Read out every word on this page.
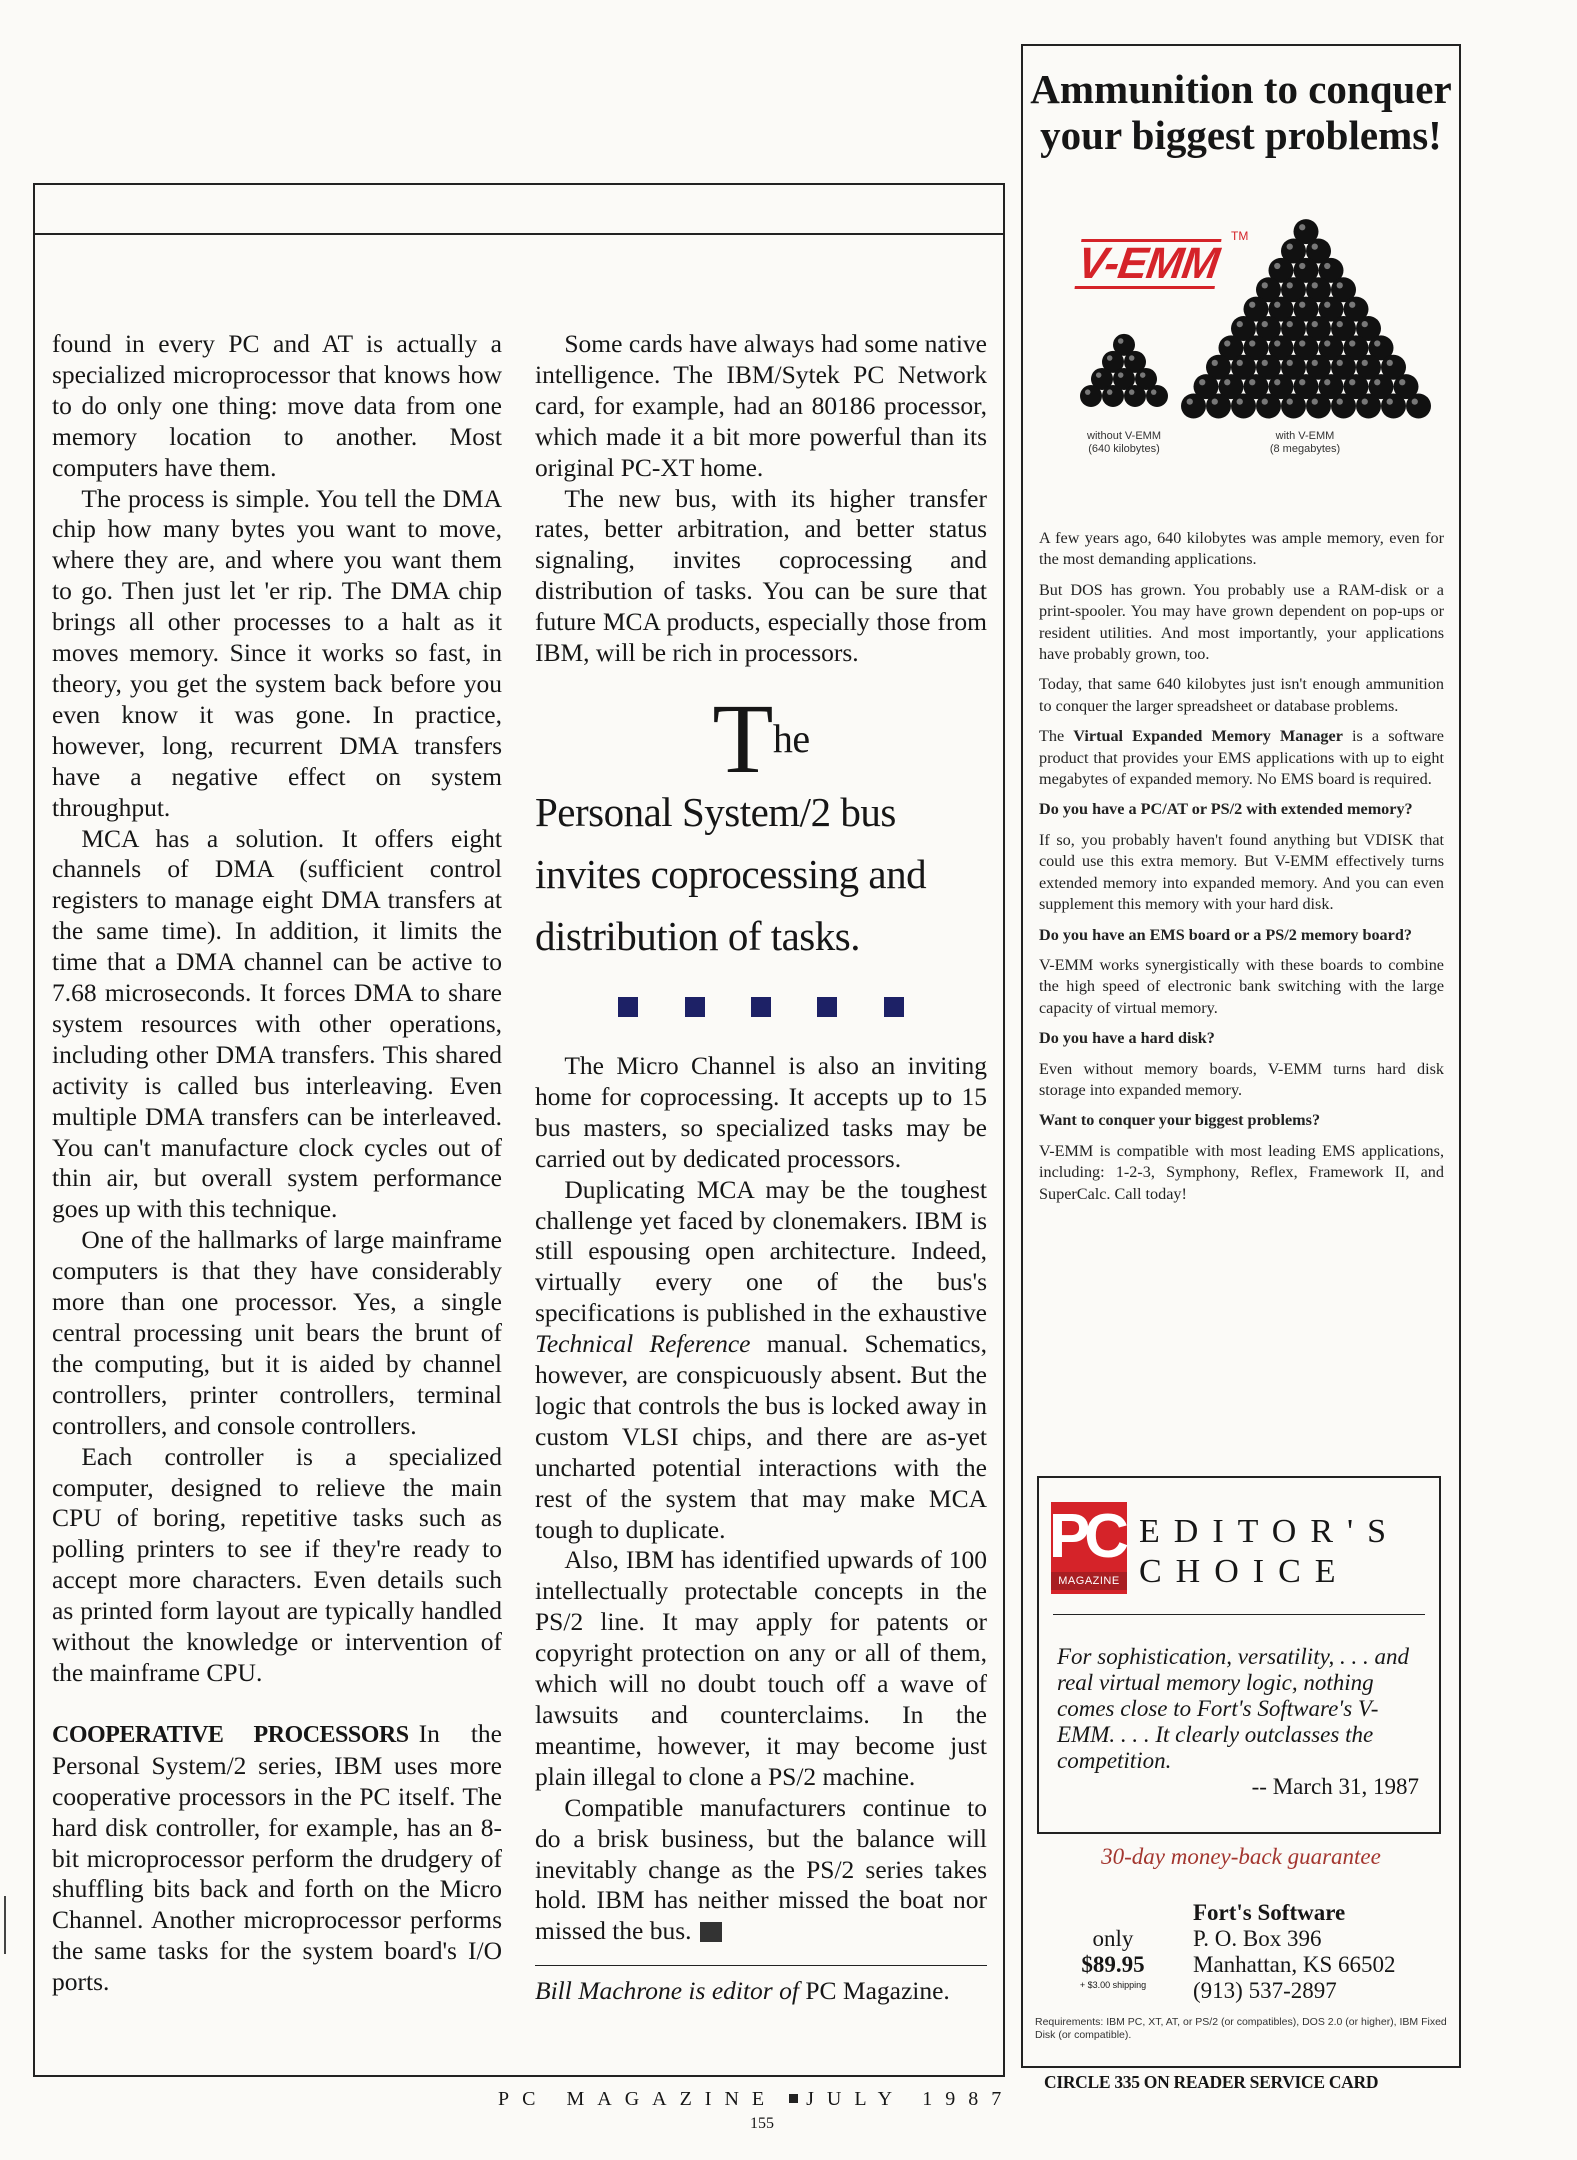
found in every PC and AT is actually a specialized microprocessor that knows how to do only one thing: move data from one memory location to another. Most computers have them.

The process is simple. You tell the DMA chip how many bytes you want to move, where they are, and where you want them to go. Then just let 'er rip. The DMA chip brings all other processes to a halt as it moves memory. Since it works so fast, in theory, you get the system back before you even know it was gone. In practice, however, long, recurrent DMA transfers have a negative effect on system throughput.

MCA has a solution. It offers eight channels of DMA (sufficient control registers to manage eight DMA transfers at the same time). In addition, it limits the time that a DMA channel can be active to 7.68 microseconds. It forces DMA to share system resources with other operations, including other DMA transfers. This shared activity is called bus interleaving. Even multiple DMA transfers can be interleaved. You can't manufacture clock cycles out of thin air, but overall system performance goes up with this technique.

One of the hallmarks of large mainframe computers is that they have considerably more than one processor. Yes, a single central processing unit bears the brunt of the computing, but it is aided by channel controllers, printer controllers, terminal controllers, and console controllers.

Each controller is a specialized computer, designed to relieve the main CPU of boring, repetitive tasks such as polling printers to see if they're ready to accept more characters. Even details such as printed form layout are typically handled without the knowledge or intervention of the mainframe CPU.

COOPERATIVE PROCESSORS In the Personal System/2 series, IBM uses more cooperative processors in the PC itself. The hard disk controller, for example, has an 8-bit microprocessor perform the drudgery of shuffling bits back and forth on the Micro Channel. Another microprocessor performs the same tasks for the system board's I/O ports.

Some cards have always had some native intelligence. The IBM/Sytek PC Network card, for example, had an 80186 processor, which made it a bit more powerful than its original PC-XT home.

The new bus, with its higher transfer rates, better arbitration, and better status signaling, invites coprocessing and distribution of tasks. You can be sure that future MCA products, especially those from IBM, will be rich in processors.

The
Personal System/2 bus invites coprocessing and distribution of tasks.

The Micro Channel is also an inviting home for coprocessing. It accepts up to 15 bus masters, so specialized tasks may be carried out by dedicated processors.

Duplicating MCA may be the toughest challenge yet faced by clonemakers. IBM is still espousing open architecture. Indeed, virtually every one of the bus's specifications is published in the exhaustive Technical Reference manual. Schematics, however, are conspicuously absent. But the logic that controls the bus is locked away in custom VLSI chips, and there are as-yet uncharted potential interactions with the rest of the system that may make MCA tough to duplicate.

Also, IBM has identified upwards of 100 intellectually protectable concepts in the PS/2 line. It may apply for patents or copyright protection on any or all of them, which will no doubt touch off a wave of lawsuits and counterclaims. In the meantime, however, it may become just plain illegal to clone a PS/2 machine.

Compatible manufacturers continue to do a brisk business, but the balance will inevitably change as the PS/2 series takes hold. IBM has neither missed the boat nor missed the bus.

Bill Machrone is editor of PC Magazine.

Ammunition to conquer your biggest problems!
V-EMM
TM
without V-EMM
(640 kilobytes)
with V-EMM
(8 megabytes)

A few years ago, 640 kilobytes was ample memory, even for the most demanding applications.

But DOS has grown. You probably use a RAM-disk or a print-spooler. You may have grown dependent on pop-ups or resident utilities. And most importantly, your applications have probably grown, too.

Today, that same 640 kilobytes just isn't enough ammunition to conquer the larger spreadsheet or database problems.

The Virtual Expanded Memory Manager is a software product that provides your EMS applications with up to eight megabytes of expanded memory. No EMS board is required.

Do you have a PC/AT or PS/2 with extended memory?

If so, you probably haven't found anything but VDISK that could use this extra memory. But V-EMM effectively turns extended memory into expanded memory. And you can even supplement this memory with your hard disk.

Do you have an EMS board or a PS/2 memory board?

V-EMM works synergistically with these boards to combine the high speed of electronic bank switching with the large capacity of virtual memory.

Do you have a hard disk?

Even without memory boards, V-EMM turns hard disk storage into expanded memory.

Want to conquer your biggest problems?

V-EMM is compatible with most leading EMS applications, including: 1-2-3, Symphony, Reflex, Framework II, and SuperCalc. Call today!

PC
MAGAZINE
EDITOR'S
CHOICE
For sophistication, versatility, . . . and real virtual memory logic, nothing comes close to Fort's Software's V-EMM. . . . It clearly outclasses the competition.
-- March 31, 1987
30-day money-back guarantee
only
$89.95
+ $3.00 shipping
Fort's Software
P. O. Box 396
Manhattan, KS 66502
(913) 537-2897
Requirements: IBM PC, XT, AT, or PS/2 (or compatibles), DOS 2.0 (or higher), IBM Fixed Disk (or compatible).
CIRCLE 335 ON READER SERVICE CARD
PC MAGAZINE JULY 1987
155
